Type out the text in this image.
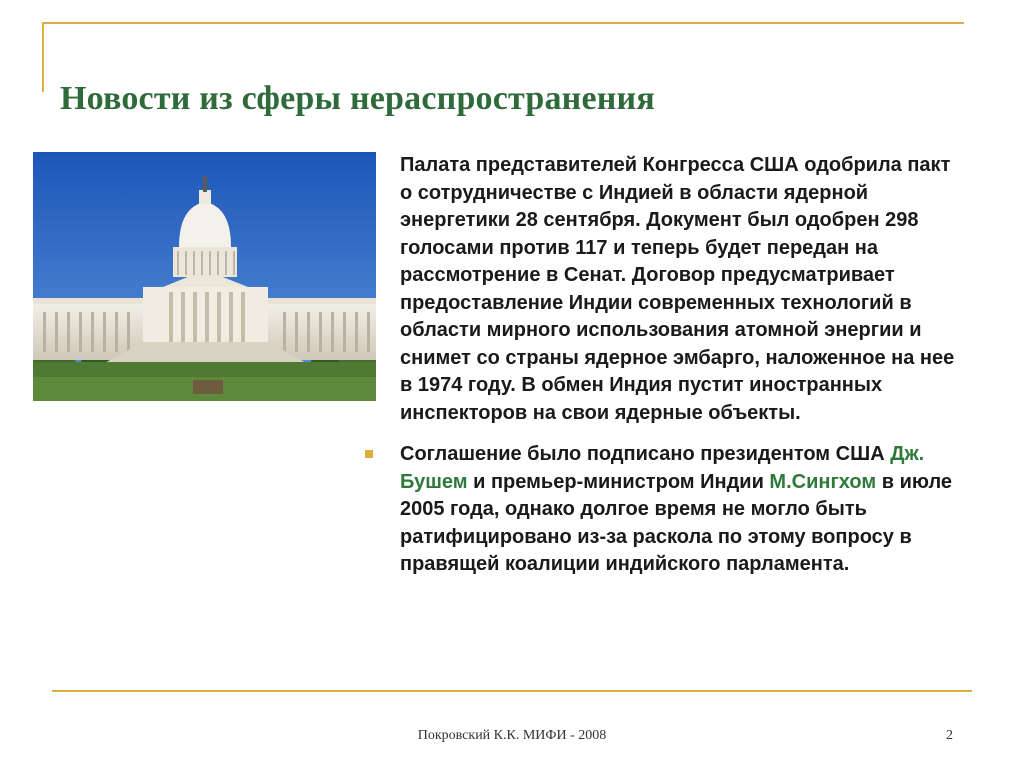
Новости из сферы нераспространения

Палата представителей Конгресса США одобрила пакт о сотрудничестве с Индией в области ядерной энергетики 28 сентября. Документ был одобрен 298 голосами против 117 и теперь будет передан на рассмотрение в Сенат. Договор предусматривает предоставление Индии современных технологий в области мирного использования атомной энергии и снимет со страны ядерное эмбарго, наложенное на нее в 1974 году. В обмен Индия пустит иностранных инспекторов на свои ядерные объекты.

Соглашение было подписано президентом США Дж. Бушем и премьер-министром Индии М.Сингхом в июле 2005 года, однако долгое время не могло быть ратифицировано из-за раскола по этому вопросу в правящей коалиции индийского парламента.

Покровский К.К. МИФИ - 2008	2
